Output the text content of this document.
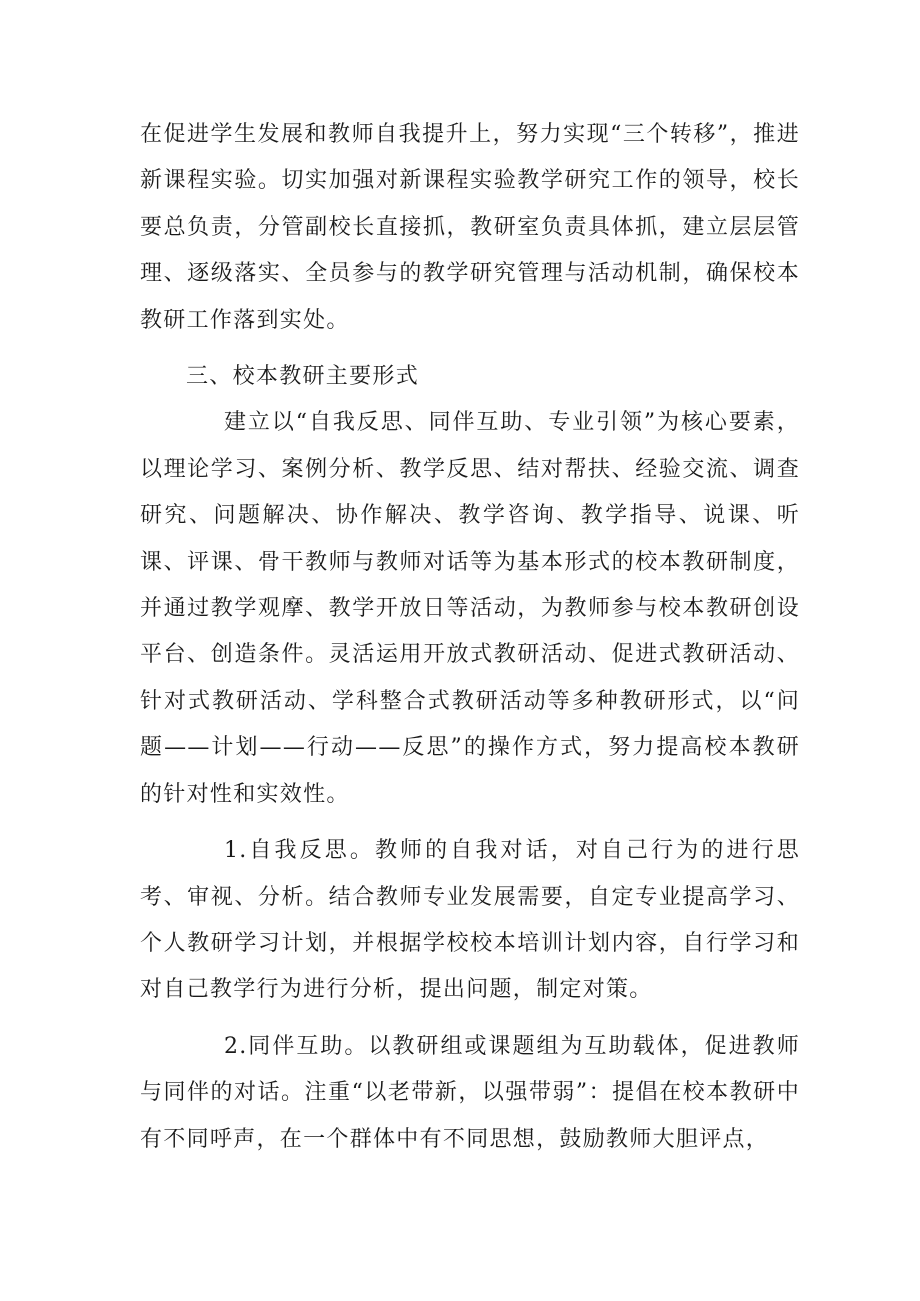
在促进学生发展和教师自我提升上，努力实现“三个转移”，推进新课程实验。切实加强对新课程实验教学研究工作的领导，校长要总负责，分管副校长直接抓，教研室负责具体抓，建立层层管理、逐级落实、全员参与的教学研究管理与活动机制，确保校本教研工作落到实处。

三、校本教研主要形式

建立以“自我反思、同伴互助、专业引领”为核心要素，以理论学习、案例分析、教学反思、结对帮扶、经验交流、调查研究、问题解决、协作解决、教学咨询、教学指导、说课、听课、评课、骨干教师与教师对话等为基本形式的校本教研制度，并通过教学观摩、教学开放日等活动，为教师参与校本教研创设平台、创造条件。灵活运用开放式教研活动、促进式教研活动、针对式教研活动、学科整合式教研活动等多种教研形式，以“问题——计划——行动——反思”的操作方式，努力提高校本教研的针对性和实效性。

1.自我反思。教师的自我对话，对自己行为的进行思考、审视、分析。结合教师专业发展需要，自定专业提高学习、个人教研学习计划，并根据学校校本培训计划内容，自行学习和对自己教学行为进行分析，提出问题，制定对策。

2.同伴互助。以教研组或课题组为互助载体，促进教师与同伴的对话。注重“以老带新，以强带弱”：提倡在校本教研中有不同呼声，在一个群体中有不同思想，鼓励教师大胆评点，
